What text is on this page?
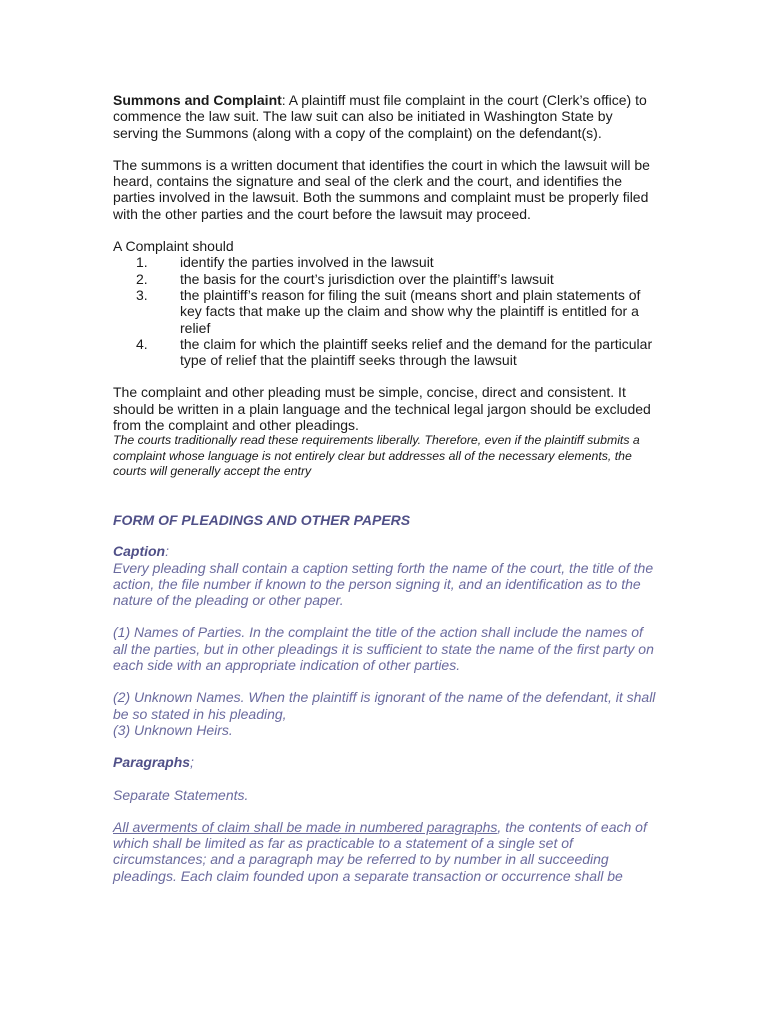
Summons and Complaint: A plaintiff must file complaint in the court (Clerk’s office) to commence the law suit. The law suit can also be initiated in Washington State by serving the Summons (along with a copy of the complaint) on the defendant(s).

The summons is a written document that identifies the court in which the lawsuit will be heard, contains the signature and seal of the clerk and the court, and identifies the parties involved in the lawsuit. Both the summons and complaint must be properly filed with the other parties and the court before the lawsuit may proceed.

A Complaint should

1.	identify the parties involved in the lawsuit
2.	the basis for the court’s jurisdiction over the plaintiff’s lawsuit
3.	the plaintiff’s reason for filing the suit (means short and plain statements of key facts that make up the claim and show why the plaintiff is entitled for a relief
4.	the claim for which the plaintiff seeks relief and the demand for the particular type of relief that the plaintiff seeks through the lawsuit

The complaint and other pleading must be simple, concise, direct and consistent. It should be written in a plain language and the technical legal jargon should be excluded from the complaint and other pleadings.

The courts traditionally read these requirements liberally. Therefore, even if the plaintiff submits a complaint whose language is not entirely clear but addresses all of the necessary elements, the courts will generally accept the entry

FORM OF PLEADINGS AND OTHER PAPERS

Caption:

Every pleading shall contain a caption setting forth the name of the court, the title of the action, the file number if known to the person signing it, and an identification as to the nature of the pleading or other paper.

(1) Names of Parties. In the complaint the title of the action shall include the names of all the parties, but in other pleadings it is sufficient to state the name of the first party on each side with an appropriate indication of other parties.

(2) Unknown Names. When the plaintiff is ignorant of the name of the defendant, it shall be so stated in his pleading,

(3) Unknown Heirs.

Paragraphs;

Separate Statements.

All averments of claim shall be made in numbered paragraphs, the contents of each of which shall be limited as far as practicable to a statement of a single set of circumstances; and a paragraph may be referred to by number in all succeeding pleadings. Each claim founded upon a separate transaction or occurrence shall be
